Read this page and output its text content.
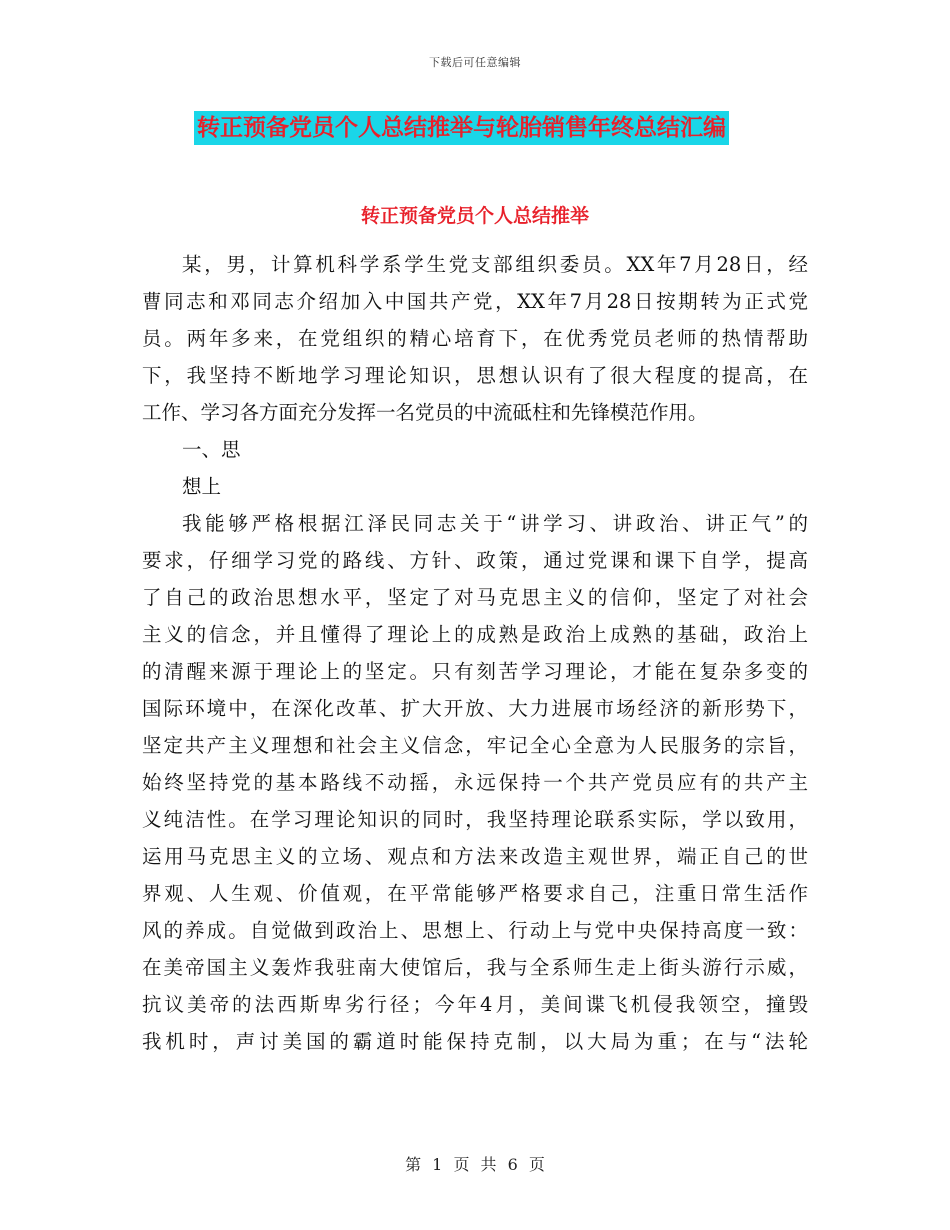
下载后可任意编辑
转正预备党员个人总结推举与轮胎销售年终总结汇编
转正预备党员个人总结推举
某，男，计算机科学系学生党支部组织委员。XX年7月28日，经
曹同志和邓同志介绍加入中国共产党，XX年7月28日按期转为正式党
员。两年多来，在党组织的精心培育下，在优秀党员老师的热情帮助
下，我坚持不断地学习理论知识，思想认识有了很大程度的提高，在
工作、学习各方面充分发挥一名党员的中流砥柱和先锋模范作用。
一、思
想上
我能够严格根据江泽民同志关于“讲学习、讲政治、讲正气”的
要求，仔细学习党的路线、方针、政策，通过党课和课下自学，提高
了自己的政治思想水平，坚定了对马克思主义的信仰，坚定了对社会
主义的信念，并且懂得了理论上的成熟是政治上成熟的基础，政治上
的清醒来源于理论上的坚定。只有刻苦学习理论，才能在复杂多变的
国际环境中，在深化改革、扩大开放、大力进展市场经济的新形势下，
坚定共产主义理想和社会主义信念，牢记全心全意为人民服务的宗旨，
始终坚持党的基本路线不动摇，永远保持一个共产党员应有的共产主
义纯洁性。在学习理论知识的同时，我坚持理论联系实际，学以致用，
运用马克思主义的立场、观点和方法来改造主观世界，端正自己的世
界观、人生观、价值观，在平常能够严格要求自己，注重日常生活作
风的养成。自觉做到政治上、思想上、行动上与党中央保持高度一致：
在美帝国主义轰炸我驻南大使馆后，我与全系师生走上街头游行示威，
抗议美帝的法西斯卑劣行径；今年4月，美间谍飞机侵我领空，撞毁
我机时，声讨美国的霸道时能保持克制，以大局为重；在与“法轮
第 1 页 共 6 页
